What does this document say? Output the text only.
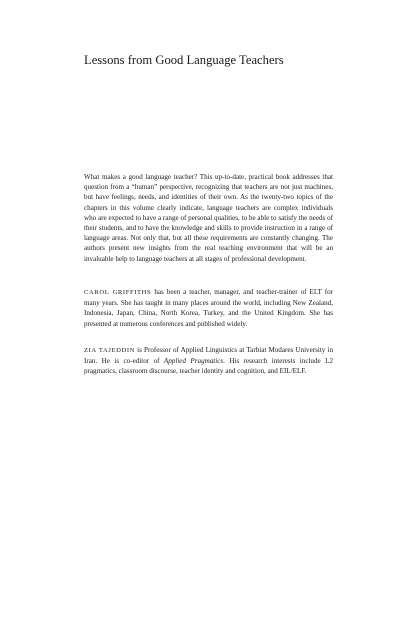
Lessons from Good Language Teachers

What makes a good language teacher? This up-to-date, practical book addresses that question from a “human” perspective, recognizing that teachers are not just machines, but have feelings, needs, and identities of their own. As the twenty-two topics of the chapters in this volume clearly indicate, language teachers are complex individuals who are expected to have a range of personal qualities, to be able to satisfy the needs of their students, and to have the knowledge and skills to provide instruction in a range of language areas. Not only that, but all these requirements are constantly changing. The authors present new insights from the real teaching environment that will be an invaluable help to language teachers at all stages of professional development.

CAROL GRIFFITHS has been a teacher, manager, and teacher-trainer of ELT for many years. She has taught in many places around the world, including New Zealand, Indonesia, Japan, China, North Korea, Turkey, and the United Kingdom. She has presented at numerous conferences and published widely.

ZIA TAJEDDIN is Professor of Applied Linguistics at Tarbiat Modares University in Iran. He is co-editor of Applied Pragmatics. His research interests include L2 pragmatics, classroom discourse, teacher identity and cognition, and EIL/ELF.
